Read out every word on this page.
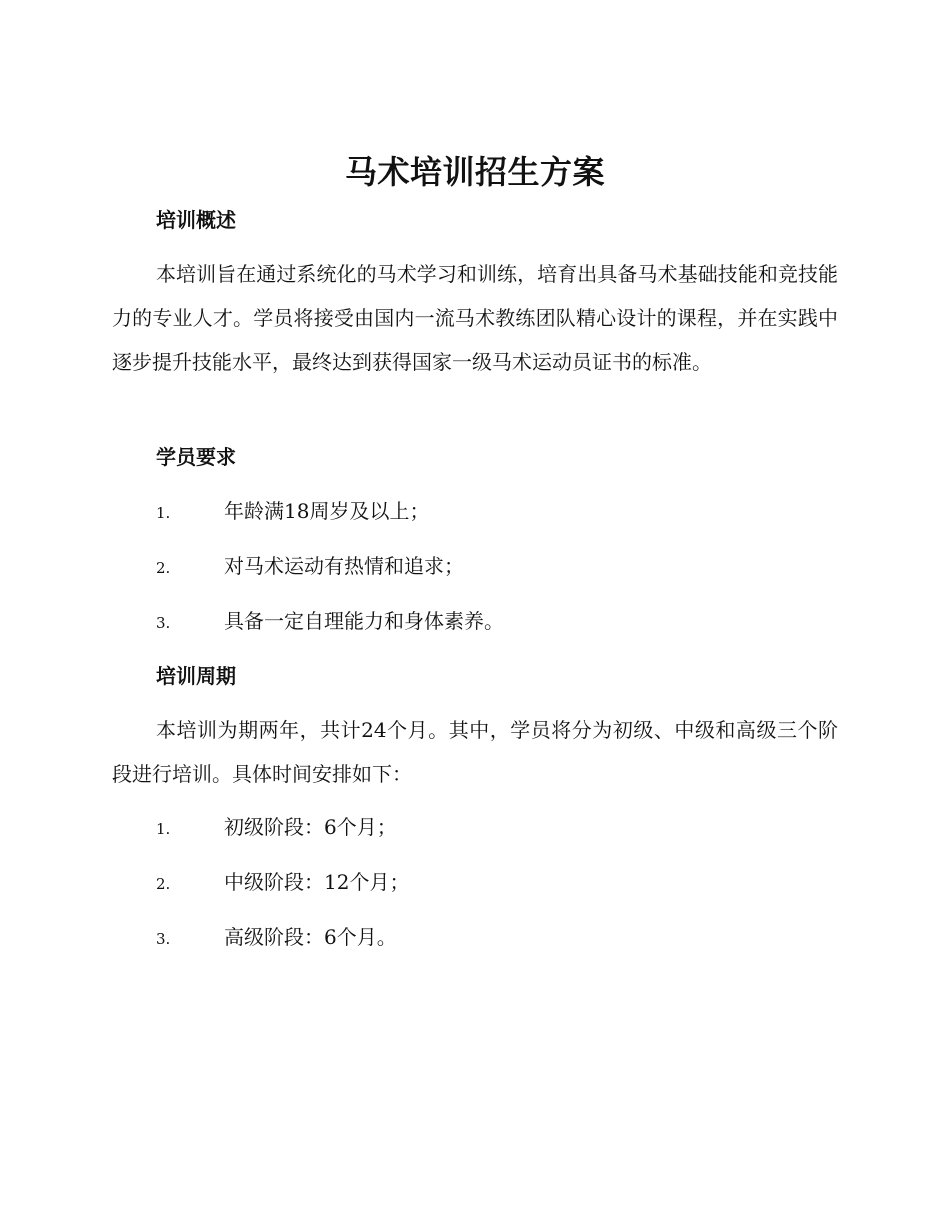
马术培训招生方案
培训概述

本培训旨在通过系统化的马术学习和训练，培育出具备马术基础技能和竞技能力的专业人才。学员将接受由国内一流马术教练团队精心设计的课程，并在实践中逐步提升技能水平，最终达到获得国家一级马术运动员证书的标准。

学员要求
1.	年龄满18周岁及以上；
2.	对马术运动有热情和追求；
3.	具备一定自理能力和身体素养。
培训周期

本培训为期两年，共计24个月。其中，学员将分为初级、中级和高级三个阶段进行培训。具体时间安排如下：

1.	初级阶段：6个月；
2.	中级阶段：12个月；
3.	高级阶段：6个月。
